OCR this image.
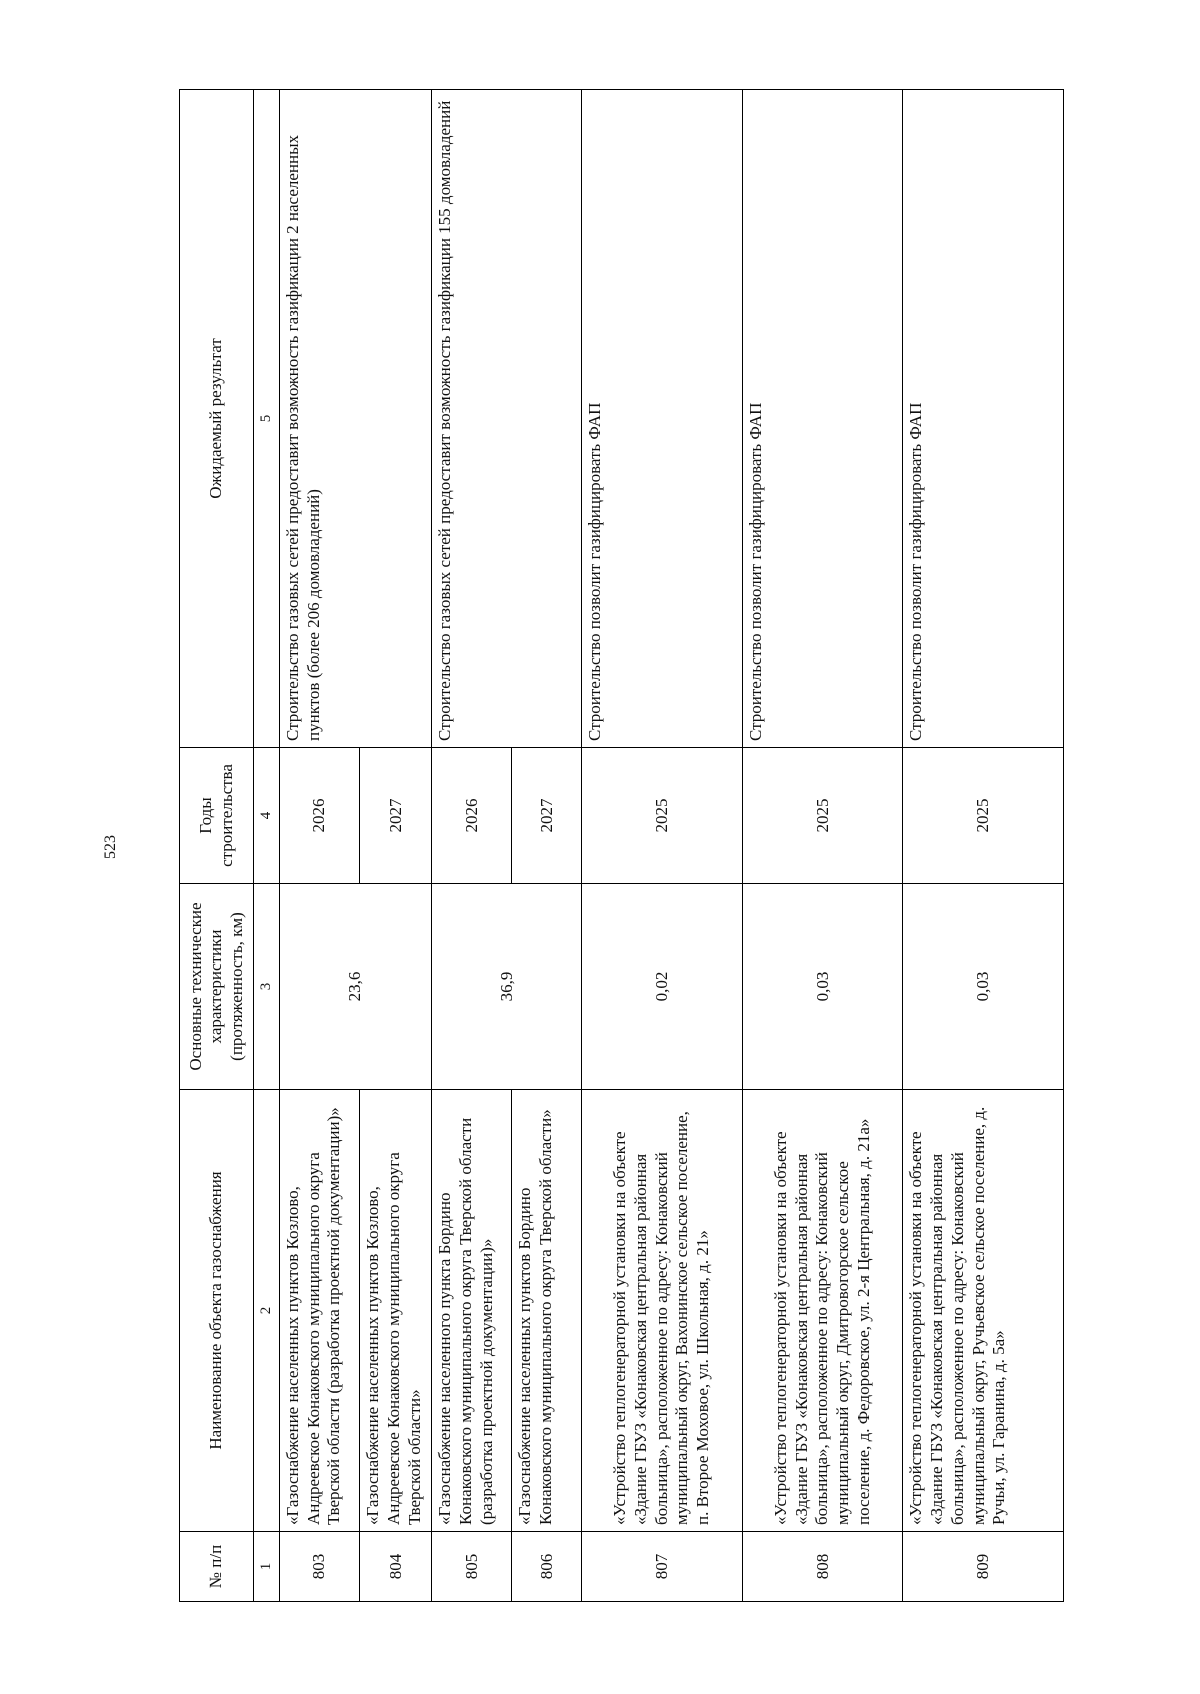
523
№ п/п	Наименование объекта газоснабжения	Основные технические характеристики (протяженность, км)	Годы строительства	Ожидаемый результат
1	2	3	4	5
803	«Газоснабжение населенных пунктов Козлово, Андреевское Конаковского муниципального округа Тверской области (разработка проектной документации)»	23,6	2026	Строительство газовых сетей предоставит возможность газификации 2 населенных пунктов (более 206 домовладений)
804	«Газоснабжение населенных пунктов Козлово, Андреевское Конаковского муниципального округа Тверской области»		2027	
805	«Газоснабжение населенного пункта Бордино Конаковского муниципального округа Тверской области (разработка проектной документации)»	36,9	2026	Строительство газовых сетей предоставит возможность газификации 155 домовладений
806	«Газоснабжение населенных пунктов Бордино Конаковского муниципального округа Тверской области»		2027	
807	«Устройство теплогенераторной установки на объекте «Здание ГБУЗ «Конаковская центральная районная больница», расположенное по адресу: Конаковский муниципальный округ, Вахонинское сельское поселение, п. Второе Моховое, ул. Школьная, д. 21»	0,02	2025	Строительство позволит газифицировать ФАП
808	«Устройство теплогенераторной установки на объекте «Здание ГБУЗ «Конаковская центральная районная больница», расположенное по адресу: Конаковский муниципальный округ, Дмитровогорское сельское поселение, д. Федоровское, ул. 2-я Центральная, д. 21а»	0,03	2025	Строительство позволит газифицировать ФАП
809	«Устройство теплогенераторной установки на объекте «Здание ГБУЗ «Конаковская центральная районная больница», расположенное по адресу: Конаковский муниципальный округ, Ручьевское сельское поселение, д. Ручьи, ул. Гаранина, д. 5а»	0,03	2025	Строительство позволит газифицировать ФАП
